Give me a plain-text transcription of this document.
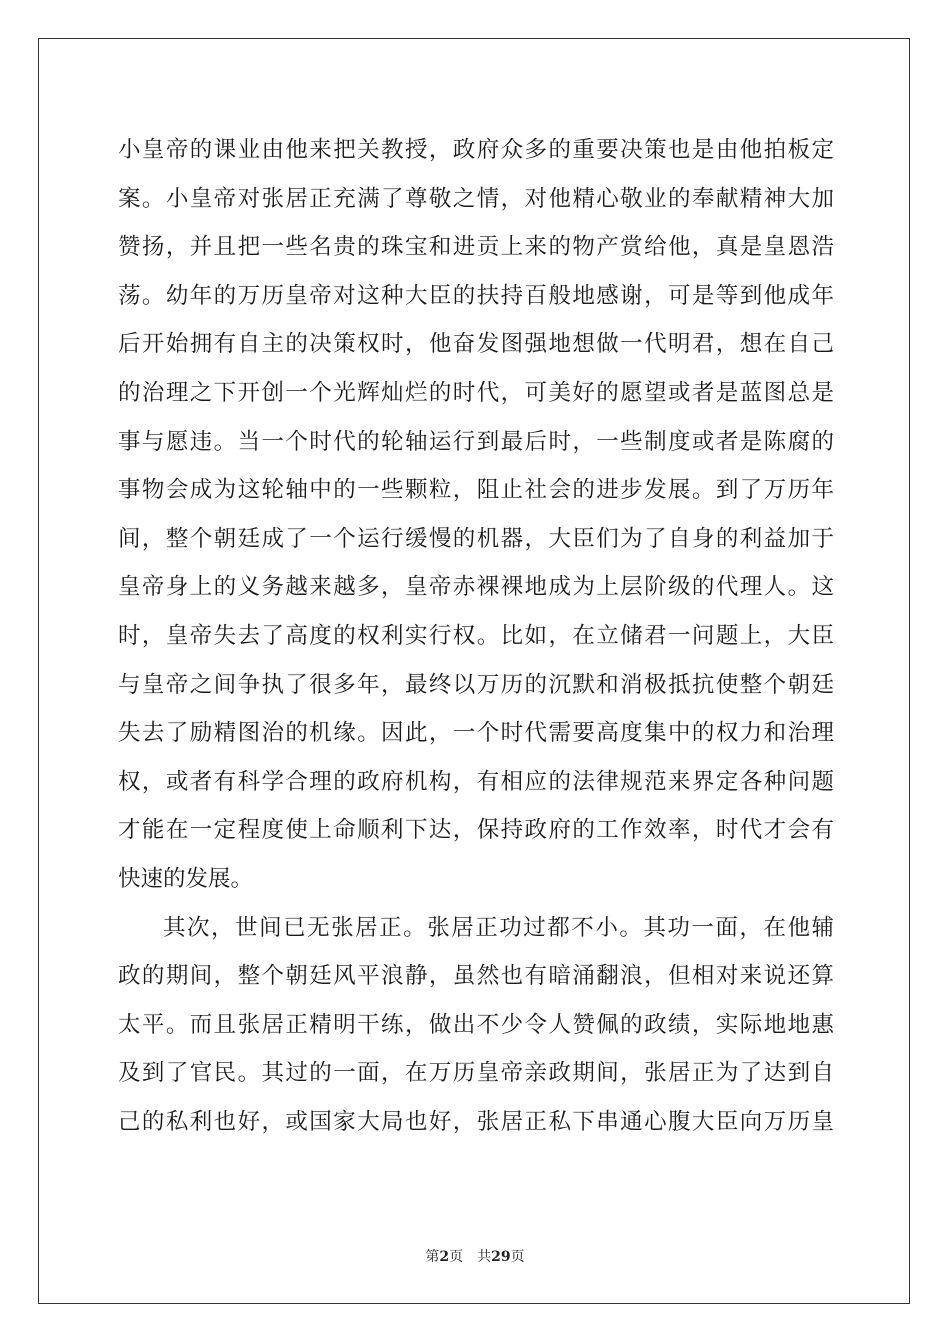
小皇帝的课业由他来把关教授，政府众多的重要决策也是由他拍板定
案。小皇帝对张居正充满了尊敬之情，对他精心敬业的奉献精神大加
赞扬，并且把一些名贵的珠宝和进贡上来的物产赏给他，真是皇恩浩
荡。幼年的万历皇帝对这种大臣的扶持百般地感谢，可是等到他成年
后开始拥有自主的决策权时，他奋发图强地想做一代明君，想在自己
的治理之下开创一个光辉灿烂的时代，可美好的愿望或者是蓝图总是
事与愿违。当一个时代的轮轴运行到最后时，一些制度或者是陈腐的
事物会成为这轮轴中的一些颗粒，阻止社会的进步发展。到了万历年
间，整个朝廷成了一个运行缓慢的机器，大臣们为了自身的利益加于
皇帝身上的义务越来越多，皇帝赤裸裸地成为上层阶级的代理人。这
时，皇帝失去了高度的权利实行权。比如，在立储君一问题上，大臣
与皇帝之间争执了很多年，最终以万历的沉默和消极抵抗使整个朝廷
失去了励精图治的机缘。因此，一个时代需要高度集中的权力和治理
权，或者有科学合理的政府机构，有相应的法律规范来界定各种问题
才能在一定程度使上命顺利下达，保持政府的工作效率，时代才会有
快速的发展。
其次，世间已无张居正。张居正功过都不小。其功一面，在他辅
政的期间，整个朝廷风平浪静，虽然也有暗涌翻浪，但相对来说还算
太平。而且张居正精明干练，做出不少令人赞佩的政绩，实际地地惠
及到了官民。其过的一面，在万历皇帝亲政期间，张居正为了达到自
己的私利也好，或国家大局也好，张居正私下串通心腹大臣向万历皇
第2页 共29页
